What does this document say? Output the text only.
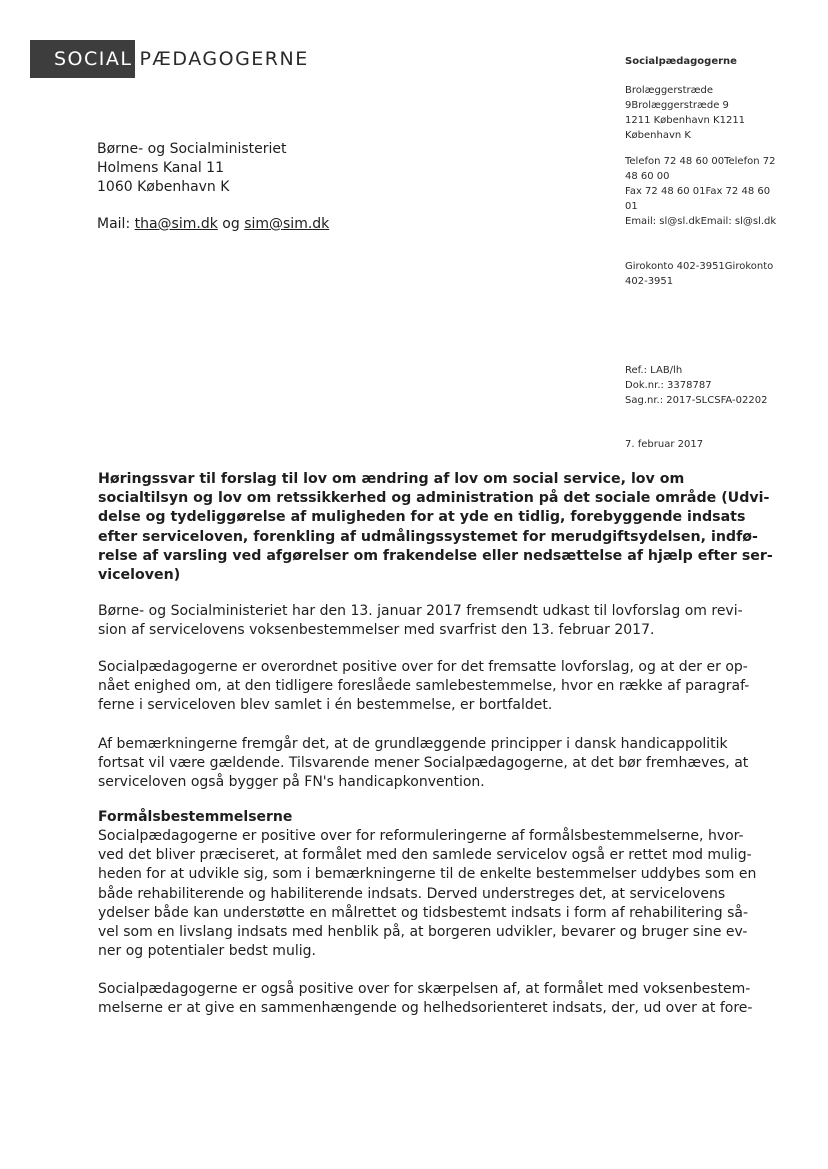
SOCIAL PÆDAGOGERNE	Socialpædagogerne
Brolæggerstræde
9Brolæggerstræde 9
1211 København K1211
København K
Telefon 72 48 60 00Telefon 72
48 60 00
Fax 72 48 60 01Fax 72 48 60
01
Email: sl@sl.dkEmail: sl@sl.dk
Girokonto 402-3951Girokonto
402-3951
Ref.: LAB/lh
Dok.nr.: 3378787
Sag.nr.: 2017-SLCSFA-02202
7. februar 2017
Børne- og Socialministeriet
Holmens Kanal 11
1060 København K
Mail: tha@sim.dk og sim@sim.dk
Høringssvar til forslag til lov om ændring af lov om social service, lov om
socialtilsyn og lov om retssikkerhed og administration på det sociale område (Udvi-
delse og tydeliggørelse af muligheden for at yde en tidlig, forebyggende indsats
efter serviceloven, forenkling af udmålingssystemet for merudgiftsydelsen, indfø-
relse af varsling ved afgørelser om frakendelse eller nedsættelse af hjælp efter ser-
viceloven)
Børne- og Socialministeriet har den 13. januar 2017 fremsendt udkast til lovforslag om revi-
sion af servicelovens voksenbestemmelser med svarfrist den 13. februar 2017.
Socialpædagogerne er overordnet positive over for det fremsatte lovforslag, og at der er op-
nået enighed om, at den tidligere foreslåede samlebestemmelse, hvor en række af paragraf-
ferne i serviceloven blev samlet i én bestemmelse, er bortfaldet.
Af bemærkningerne fremgår det, at de grundlæggende principper i dansk handicappolitik
fortsat vil være gældende. Tilsvarende mener Socialpædagogerne, at det bør fremhæves, at
serviceloven også bygger på FN's handicapkonvention.
Formålsbestemmelserne
Socialpædagogerne er positive over for reformuleringerne af formålsbestemmelserne, hvor-
ved det bliver præciseret, at formålet med den samlede servicelov også er rettet mod mulig-
heden for at udvikle sig, som i bemærkningerne til de enkelte bestemmelser uddybes som en
både rehabiliterende og habiliterende indsats. Derved understreges det, at servicelovens
ydelser både kan understøtte en målrettet og tidsbestemt indsats i form af rehabilitering så-
vel som en livslang indsats med henblik på, at borgeren udvikler, bevarer og bruger sine ev-
ner og potentialer bedst mulig.
Socialpædagogerne er også positive over for skærpelsen af, at formålet med voksenbestem-
melserne er at give en sammenhængende og helhedsorienteret indsats, der, ud over at fore-
